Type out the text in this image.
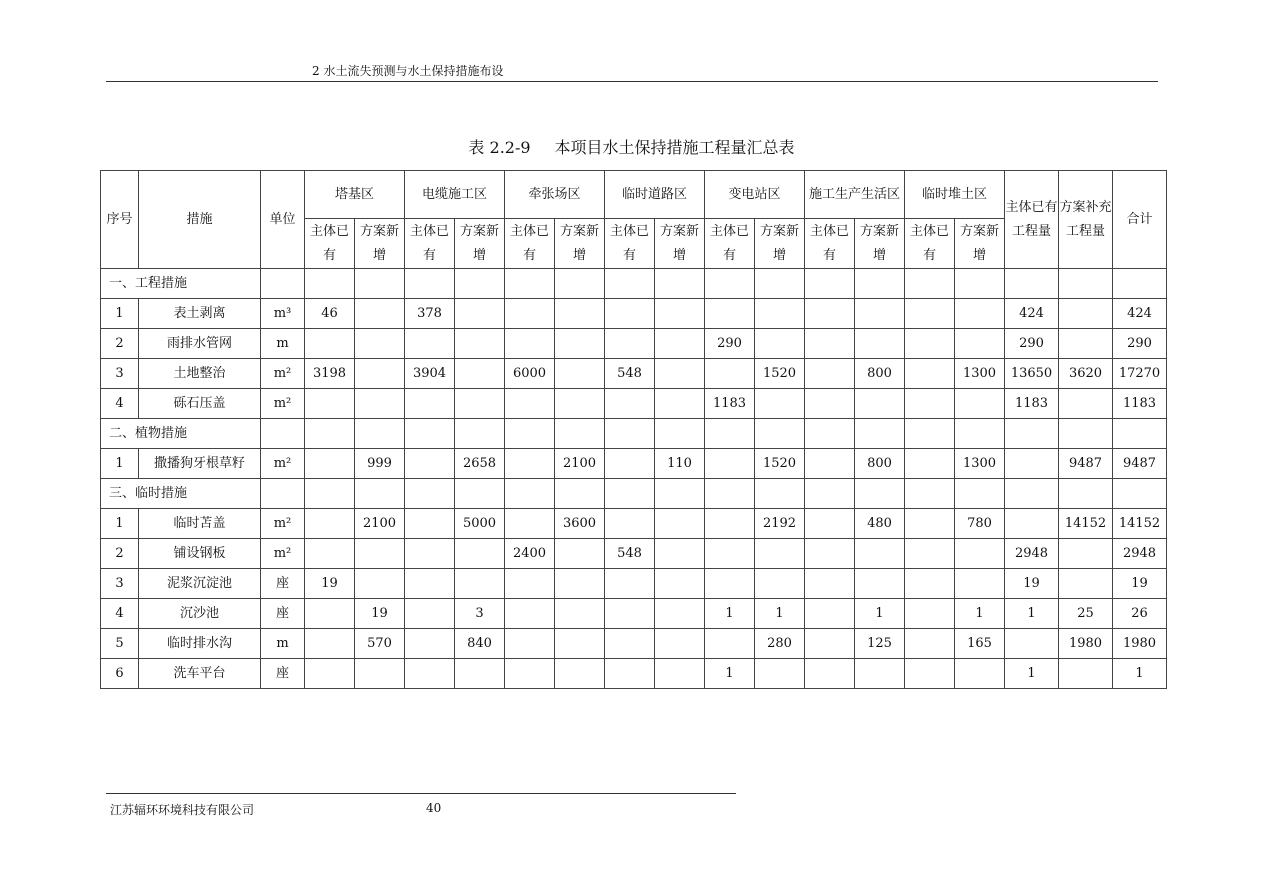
2 水土流失预测与水土保持措施布设
表 2.2-9 本项目水土保持措施工程量汇总表
序号	措施	单位	塔基区		电缆施工区		牵张场区		临时道路区		变电站区		施工生产生活区		临时堆土区		主体已有工程量	方案补充工程量	合计
			主体已有	方案新增	主体已有	方案新增	主体已有	方案新增	主体已有	方案新增	主体已有	方案新增	主体已有	方案新增	主体已有	方案新增			
一、工程措施																			
1	表土剥离	m³	46		378												424		424
2	雨排水管网	m									290						290		290
3	土地整治	m²	3198		3904		6000		548			1520		800		1300	13650	3620	17270
4	砾石压盖	m²									1183						1183		1183
二、植物措施																			
1	撒播狗牙根草籽	m²		999		2658		2100		110		1520		800		1300		9487	9487
三、临时措施																			
1	临时苫盖	m²		2100		5000		3600				2192		480		780		14152	14152
2	铺设钢板	m²					2400		548								2948		2948
3	泥浆沉淀池	座	19														19		19
4	沉沙池	座		19		3					1	1		1		1	1	25	26
5	临时排水沟	m		570		840						280		125		165		1980	1980
6	洗车平台	座									1						1		1
江苏辐环环境科技有限公司	40
